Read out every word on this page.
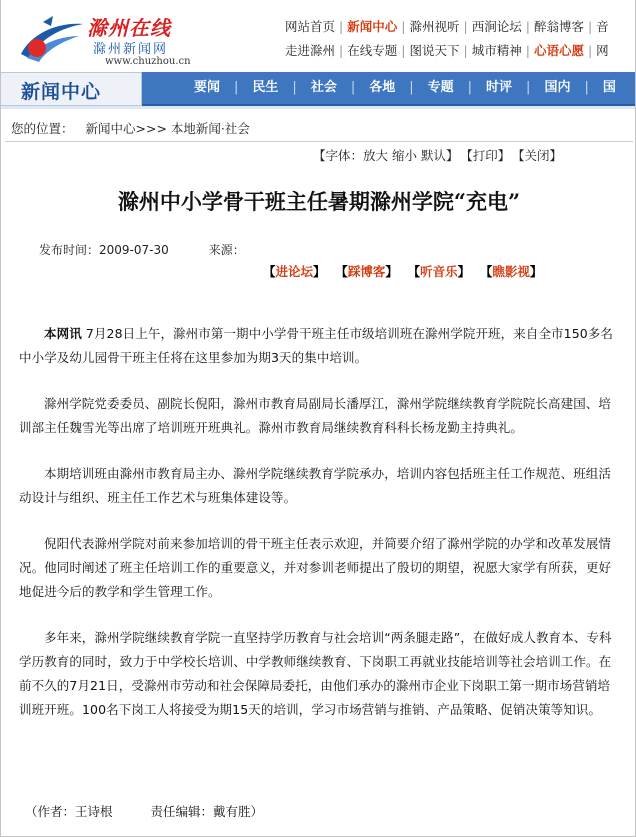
滁州在线
滁州新闻网
www.chuzhou.cn
网站首页 | 新闻中心 | 滁州视听 | 西涧论坛 | 醉翁博客 | 音
走进滁州 | 在线专题 | 图说天下 | 城市精神 | 心语心愿 | 网
新闻中心	要闻 | 民生 | 社会 | 各地 | 专题 | 时评 | 国内 | 国
您的位置： 新闻中心>>> 本地新闻·社会
【字体：放大 缩小 默认】 【打印】 【关闭】
滁州中小学骨干班主任暑期滁州学院“充电”
发布时间：2009-07-30	来源：
【进论坛】 【踩博客】 【听音乐】 【瞧影视】

本网讯 7月28日上午，滁州市第一期中小学骨干班主任市级培训班在滁州学院开班，来自全市150多名中小学及幼儿园骨干班主任将在这里参加为期3天的集中培训。

滁州学院党委委员、副院长倪阳，滁州市教育局副局长潘厚江，滁州学院继续教育学院院长高建国、培训部主任魏雪光等出席了培训班开班典礼。滁州市教育局继续教育科科长杨龙勤主持典礼。

本期培训班由滁州市教育局主办、滁州学院继续教育学院承办，培训内容包括班主任工作规范、班组活动设计与组织、班主任工作艺术与班集体建设等。

倪阳代表滁州学院对前来参加培训的骨干班主任表示欢迎，并简要介绍了滁州学院的办学和改革发展情况。他同时阐述了班主任培训工作的重要意义，并对参训老师提出了殷切的期望，祝愿大家学有所获，更好地促进今后的教学和学生管理工作。

多年来，滁州学院继续教育学院一直坚持学历教育与社会培训“两条腿走路”，在做好成人教育本、专科学历教育的同时，致力于中学校长培训、中学教师继续教育、下岗职工再就业技能培训等社会培训工作。在前不久的7月21日，受滁州市劳动和社会保障局委托，由他们承办的滁州市企业下岗职工第一期市场营销培训班开班。100名下岗工人将接受为期15天的培训，学习市场营销与推销、产品策略、促销决策等知识。

（作者：王诗根	责任编辑：戴有胜）
